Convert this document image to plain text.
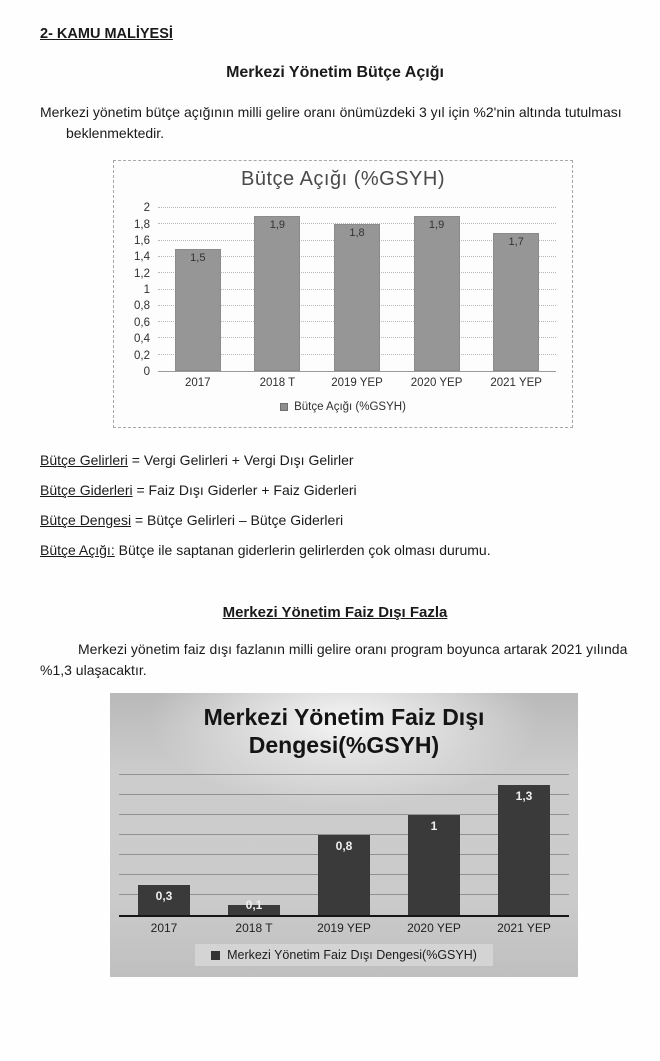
2- KAMU MALİYESİ
Merkezi Yönetim Bütçe Açığı

Merkezi yönetim bütçe açığının milli gelire oranı önümüzdeki 3 yıl için %2'nin altında tutulması
beklenmektedir.

Bütçe Açığı (%GSYH)
2
1,8
1,6
1,4
1,2
1
0,8
0,6
0,4
0,2
0
1,5
1,9
1,8
1,9
1,7
2017	2018 T	2019 YEP	2020 YEP	2021 YEP
Bütçe Açığı (%GSYH)
Bütçe Gelirleri = Vergi Gelirleri + Vergi Dışı Gelirler
Bütçe Giderleri = Faiz Dışı Giderler + Faiz Giderleri
Bütçe Dengesi = Bütçe Gelirleri – Bütçe Giderleri
Bütçe Açığı: Bütçe ile saptanan giderlerin gelirlerden çok olması durumu.
Merkezi Yönetim Faiz Dışı Fazla

Merkezi yönetim faiz dışı fazlanın milli gelire oranı program boyunca artarak 2021 yılında
%1,3 ulaşacaktır.

Merkezi Yönetim Faiz Dışı Dengesi(%GSYH)
0,3
0,1
0,8
1
1,3
2017	2018 T	2019 YEP	2020 YEP	2021 YEP
Merkezi Yönetim Faiz Dışı Dengesi(%GSYH)
